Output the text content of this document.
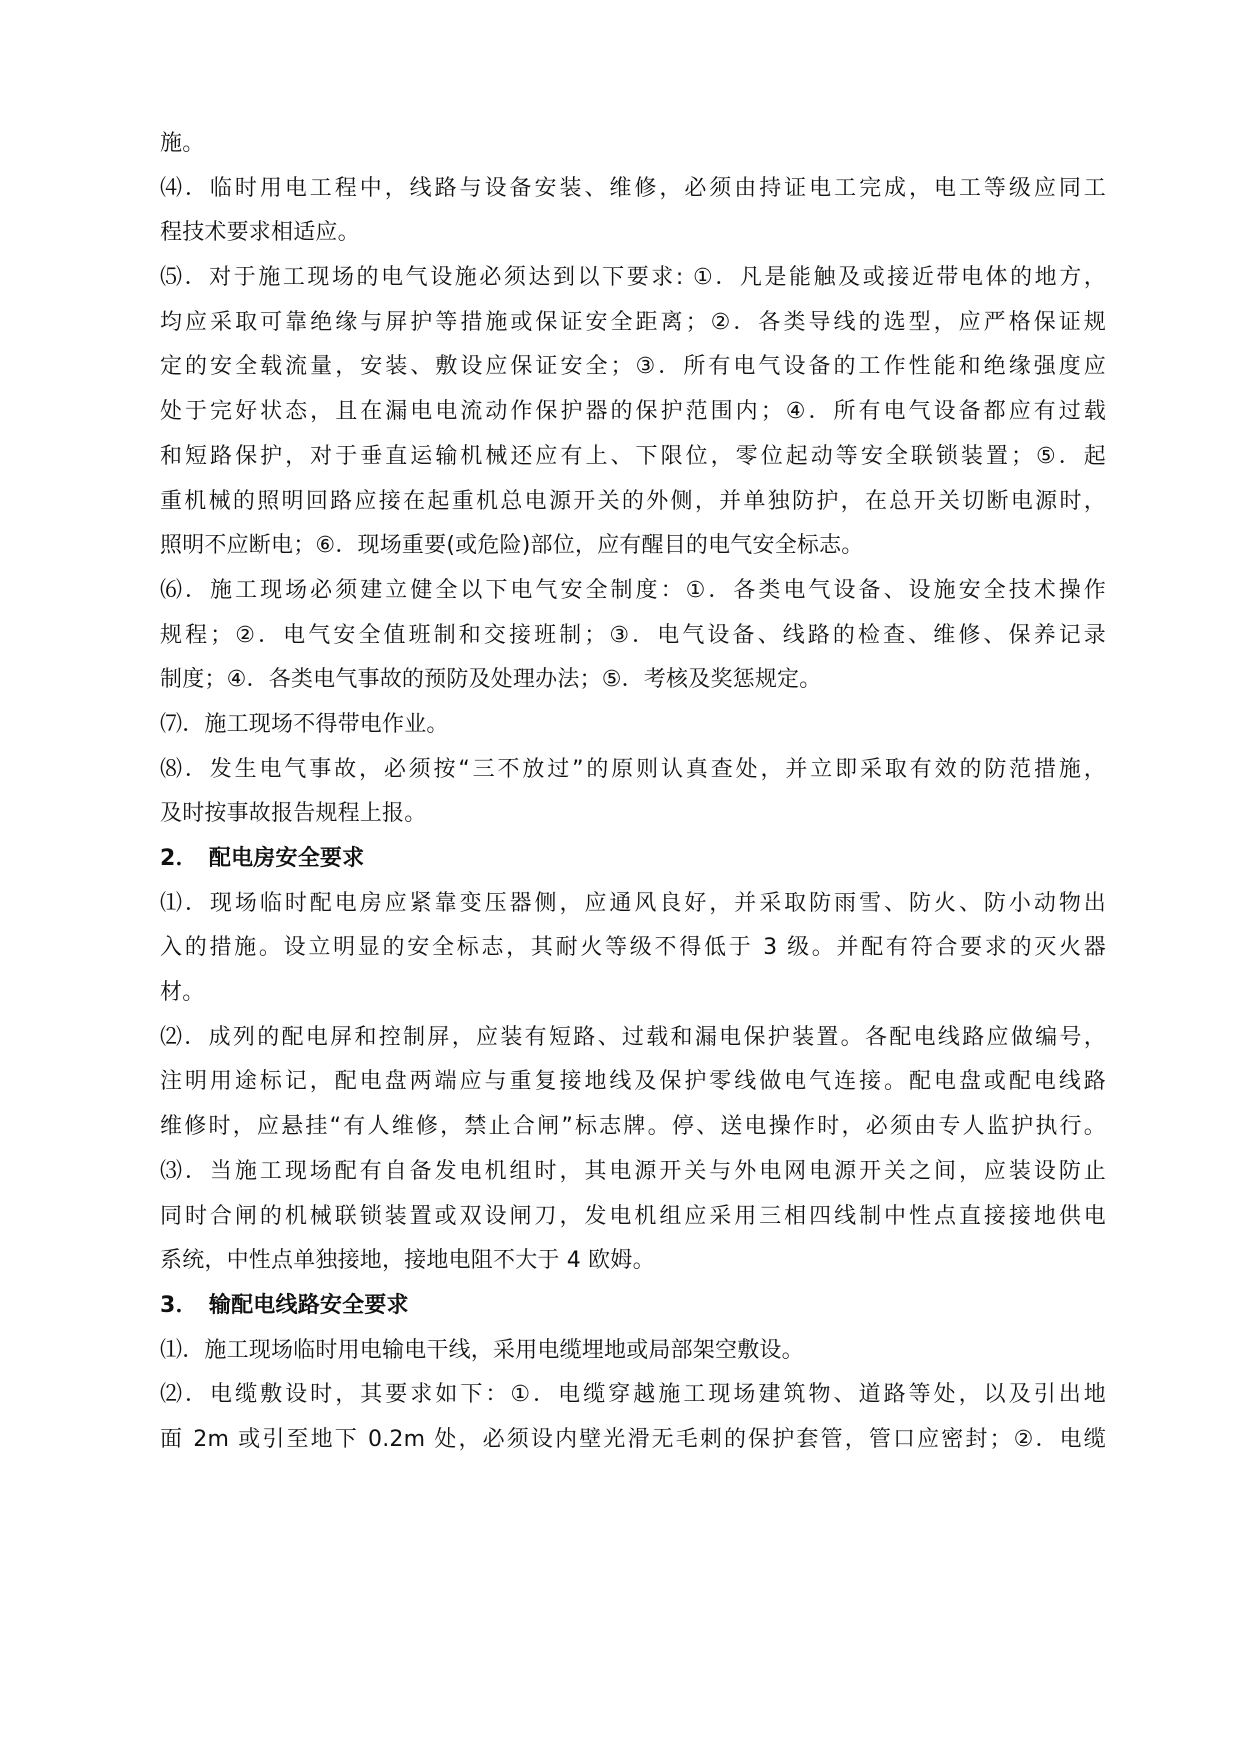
施。
⑷．临时用电工程中，线路与设备安装、维修，必须由持证电工完成，电工等级应同工
程技术要求相适应。
⑸．对于施工现场的电气设施必须达到以下要求: ①．凡是能触及或接近带电体的地方，
均应采取可靠绝缘与屏护等措施或保证安全距离；②．各类导线的选型，应严格保证规
定的安全载流量，安装、敷设应保证安全；③．所有电气设备的工作性能和绝缘强度应
处于完好状态，且在漏电电流动作保护器的保护范围内；④．所有电气设备都应有过载
和短路保护，对于垂直运输机械还应有上、下限位，零位起动等安全联锁装置；⑤．起
重机械的照明回路应接在起重机总电源开关的外侧，并单独防护，在总开关切断电源时，
照明不应断电；⑥．现场重要(或危险)部位，应有醒目的电气安全标志。
⑹．施工现场必须建立健全以下电气安全制度：①．各类电气设备、设施安全技术操作
规程；②．电气安全值班制和交接班制；③．电气设备、线路的检查、维修、保养记录
制度；④．各类电气事故的预防及处理办法；⑤．考核及奖惩规定。
⑺．施工现场不得带电作业。
⑻．发生电气事故，必须按“三不放过”的原则认真查处，并立即采取有效的防范措施，
及时按事故报告规程上报。
2．　配电房安全要求
⑴．现场临时配电房应紧靠变压器侧，应通风良好，并采取防雨雪、防火、防小动物出
入的措施。设立明显的安全标志，其耐火等级不得低于 3 级。并配有符合要求的灭火器
材。
⑵．成列的配电屏和控制屏，应装有短路、过载和漏电保护装置。各配电线路应做编号，
注明用途标记，配电盘两端应与重复接地线及保护零线做电气连接。配电盘或配电线路
维修时，应悬挂“有人维修，禁止合闸”标志牌。停、送电操作时，必须由专人监护执行。
⑶．当施工现场配有自备发电机组时，其电源开关与外电网电源开关之间，应装设防止
同时合闸的机械联锁装置或双设闸刀，发电机组应采用三相四线制中性点直接接地供电
系统，中性点单独接地，接地电阻不大于 4 欧姆。
3．　输配电线路安全要求
⑴．施工现场临时用电输电干线，采用电缆埋地或局部架空敷设。
⑵．电缆敷设时，其要求如下：①．电缆穿越施工现场建筑物、道路等处，以及引出地
面 2m 或引至地下 0.2m 处，必须设内壁光滑无毛刺的保护套管，管口应密封；②．电缆
